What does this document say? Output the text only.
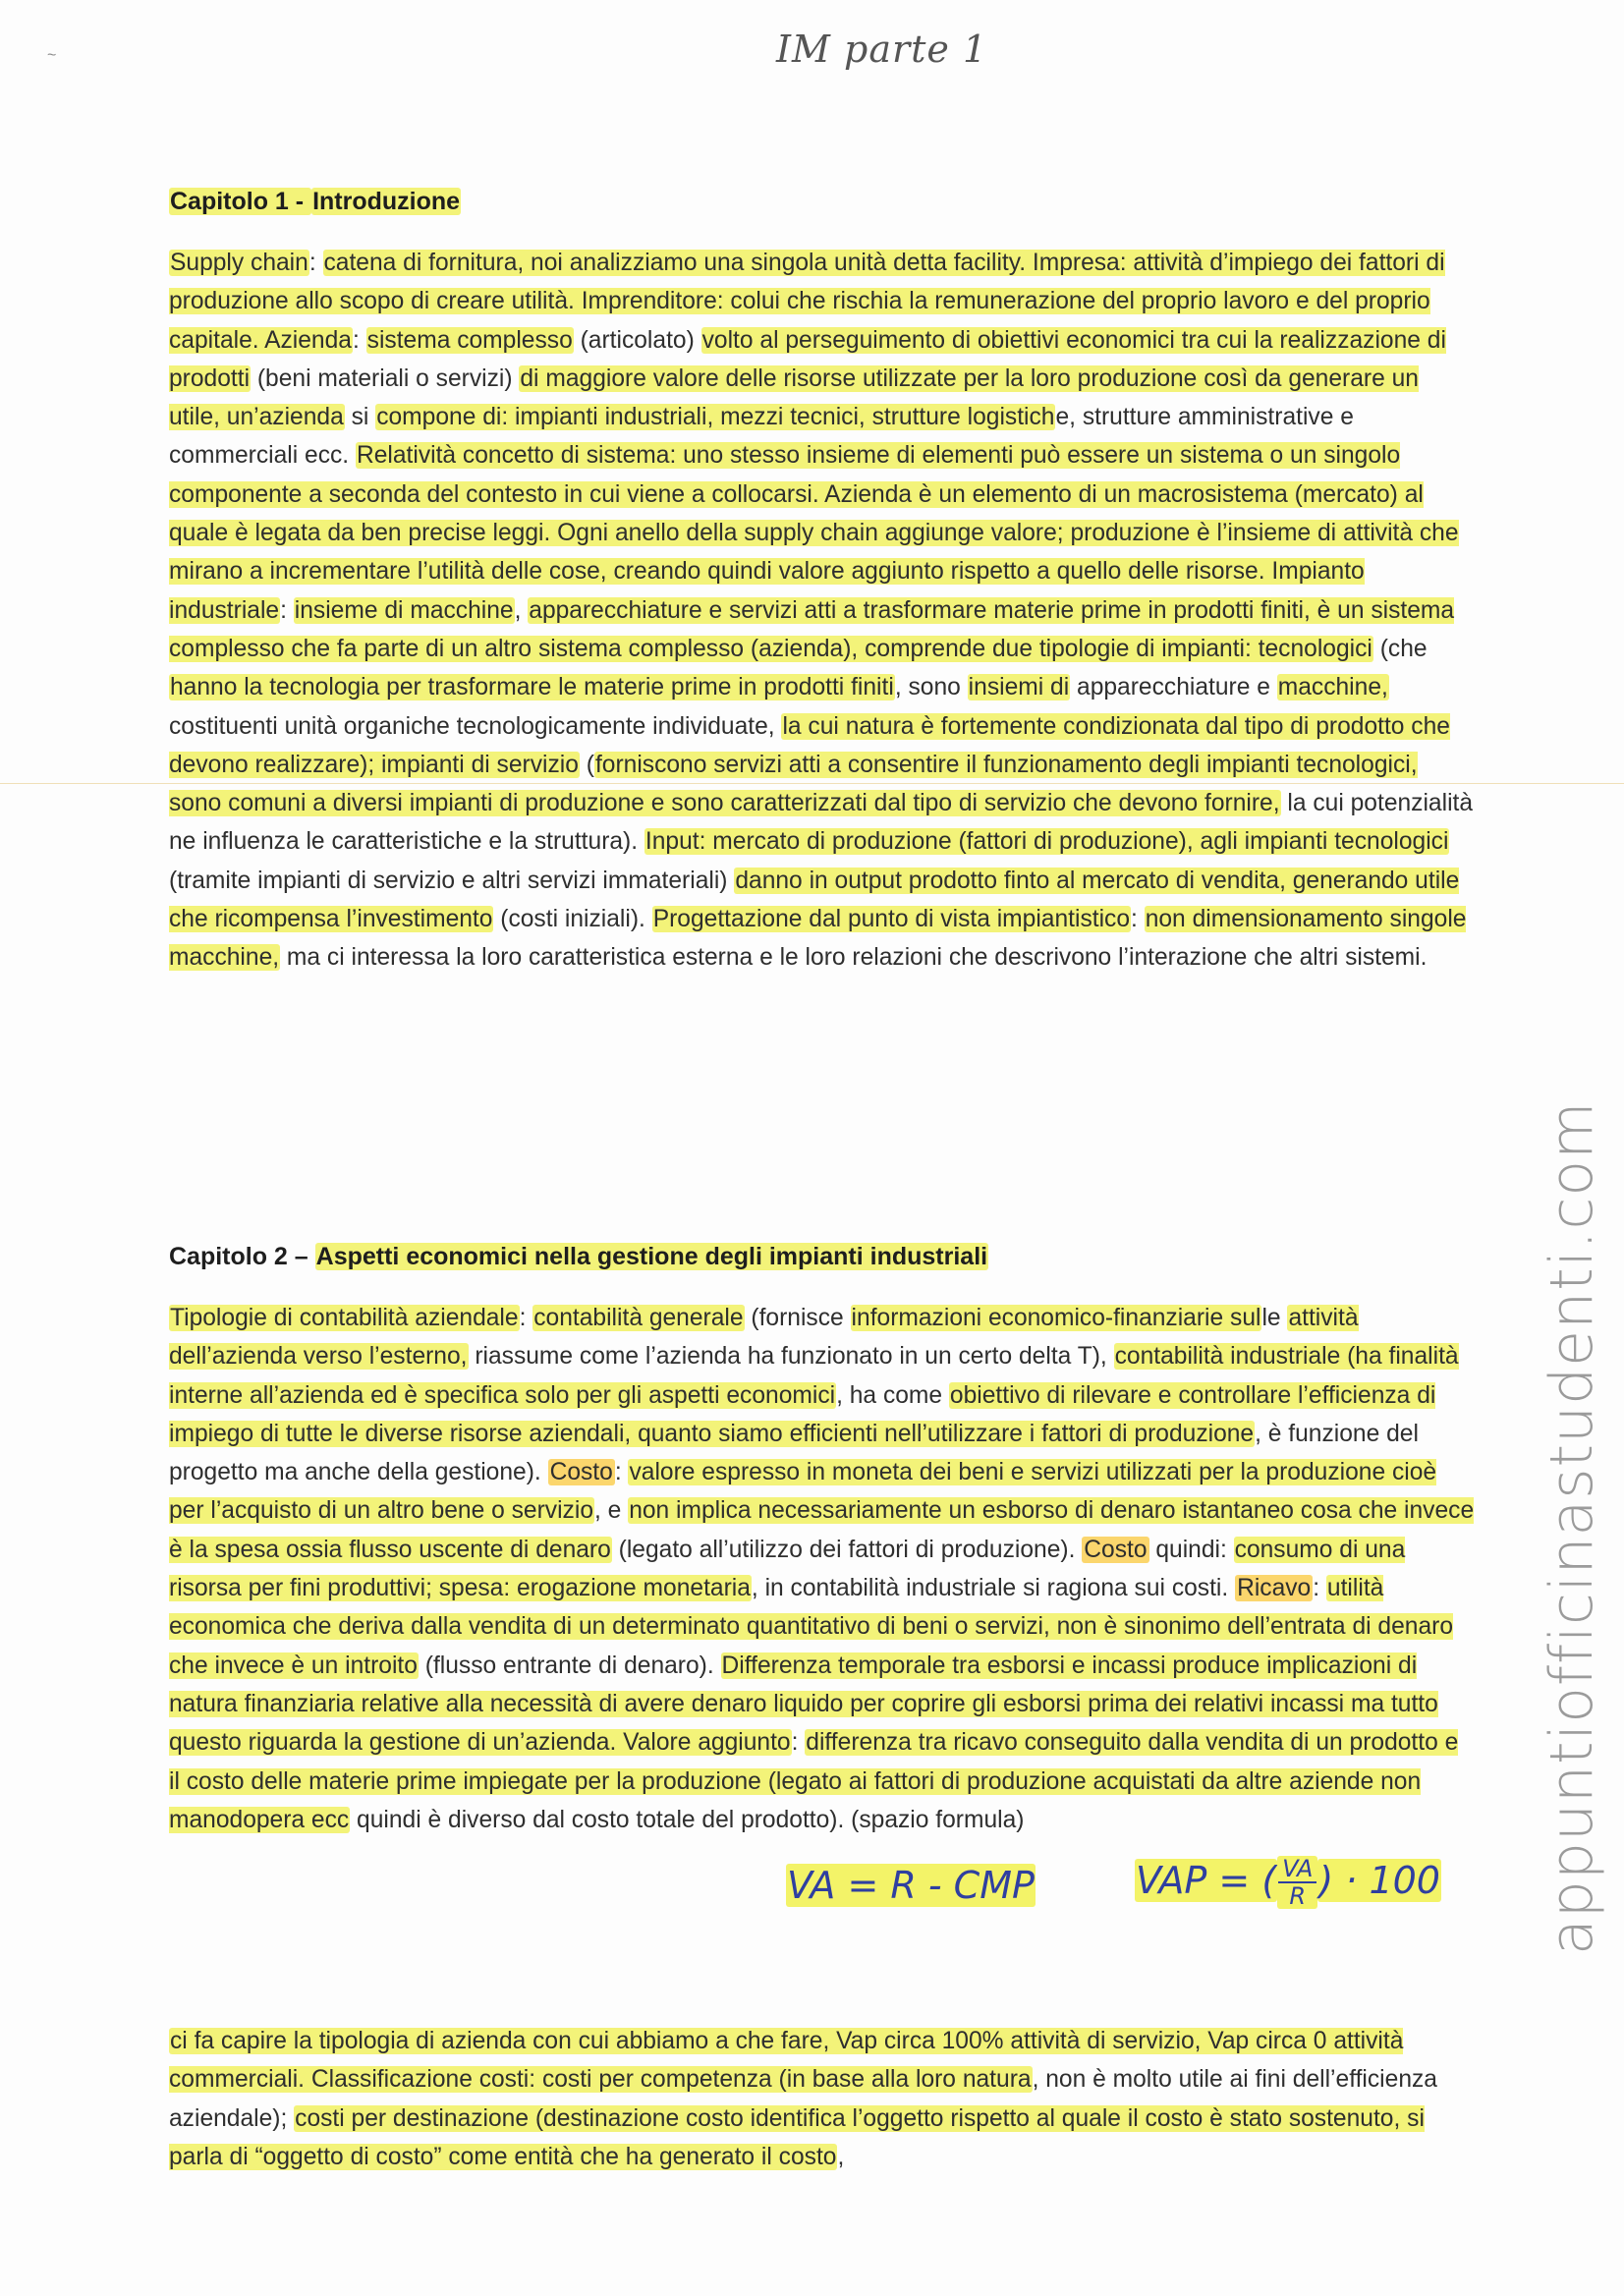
~	IM parte 1
Capitolo 1 - Introduzione

Supply chain: catena di fornitura, noi analizziamo una singola unità detta facility. Impresa: attività d’impiego dei fattori di produzione allo scopo di creare utilità. Imprenditore: colui che rischia la remunerazione del proprio lavoro e del proprio capitale. Azienda: sistema complesso (articolato) volto al perseguimento di obiettivi economici tra cui la realizzazione di prodotti (beni materiali o servizi) di maggiore valore delle risorse utilizzate per la loro produzione così da generare un utile, un’azienda si compone di: impianti industriali, mezzi tecnici, strutture logistiche, strutture amministrative e commerciali ecc. Relatività concetto di sistema: uno stesso insieme di elementi può essere un sistema o un singolo componente a seconda del contesto in cui viene a collocarsi. Azienda è un elemento di un macrosistema (mercato) al quale è legata da ben precise leggi. Ogni anello della supply chain aggiunge valore; produzione è l’insieme di attività che mirano a incrementare l’utilità delle cose, creando quindi valore aggiunto rispetto a quello delle risorse. Impianto industriale: insieme di macchine, apparecchiature e servizi atti a trasformare materie prime in prodotti finiti, è un sistema complesso che fa parte di un altro sistema complesso (azienda), comprende due tipologie di impianti: tecnologici (che hanno la tecnologia per trasformare le materie prime in prodotti finiti, sono insiemi di apparecchiature e macchine, costituenti unità organiche tecnologicamente individuate, la cui natura è fortemente condizionata dal tipo di prodotto che devono realizzare); impianti di servizio (forniscono servizi atti a consentire il funzionamento degli impianti tecnologici, sono comuni a diversi impianti di produzione e sono caratterizzati dal tipo di servizio che devono fornire, la cui potenzialità ne influenza le caratteristiche e la struttura). Input: mercato di produzione (fattori di produzione), agli impianti tecnologici (tramite impianti di servizio e altri servizi immateriali) danno in output prodotto finto al mercato di vendita, generando utile che ricompensa l’investimento (costi iniziali). Progettazione dal punto di vista impiantistico: non dimensionamento singole macchine, ma ci interessa la loro caratteristica esterna e le loro relazioni che descrivono l’interazione che altri sistemi.

Capitolo 2 – Aspetti economici nella gestione degli impianti industriali

Tipologie di contabilità aziendale: contabilità generale (fornisce informazioni economico-finanziarie sulle attività dell’azienda verso l’esterno, riassume come l’azienda ha funzionato in un certo delta T), contabilità industriale (ha finalità interne all’azienda ed è specifica solo per gli aspetti economici, ha come obiettivo di rilevare e controllare l’efficienza di impiego di tutte le diverse risorse aziendali, quanto siamo efficienti nell’utilizzare i fattori di produzione, è funzione del progetto ma anche della gestione). Costo: valore espresso in moneta dei beni e servizi utilizzati per la produzione cioè per l’acquisto di un altro bene o servizio, e non implica necessariamente un esborso di denaro istantaneo cosa che invece è la spesa ossia flusso uscente di denaro (legato all’utilizzo dei fattori di produzione). Costo quindi: consumo di una risorsa per fini produttivi; spesa: erogazione monetaria, in contabilità industriale si ragiona sui costi. Ricavo: utilità economica che deriva dalla vendita di un determinato quantitativo di beni o servizi, non è sinonimo dell’entrata di denaro che invece è un introito (flusso entrante di denaro). Differenza temporale tra esborsi e incassi produce implicazioni di natura finanziaria relative alla necessità di avere denaro liquido per coprire gli esborsi prima dei relativi incassi ma tutto questo riguarda la gestione di un’azienda. Valore aggiunto: differenza tra ricavo conseguito dalla vendita di un prodotto e il costo delle materie prime impiegate per la produzione (legato ai fattori di produzione acquistati da altre aziende non manodopera ecc quindi è diverso dal costo totale del prodotto). (spazio formula)

VA = R - CMP	VAP = ( $\frac{VA}{R}$ ) · 100

ci fa capire la tipologia di azienda con cui abbiamo a che fare, Vap circa 100% attività di servizio, Vap circa 0 attività commerciali. Classificazione costi: costi per competenza (in base alla loro natura, non è molto utile ai fini dell’efficienza aziendale); costi per destinazione (destinazione costo identifica l’oggetto rispetto al quale il costo è stato sostenuto, si parla di “oggetto di costo” come entità che ha generato il costo,

appuntiofficinastudenti.com
